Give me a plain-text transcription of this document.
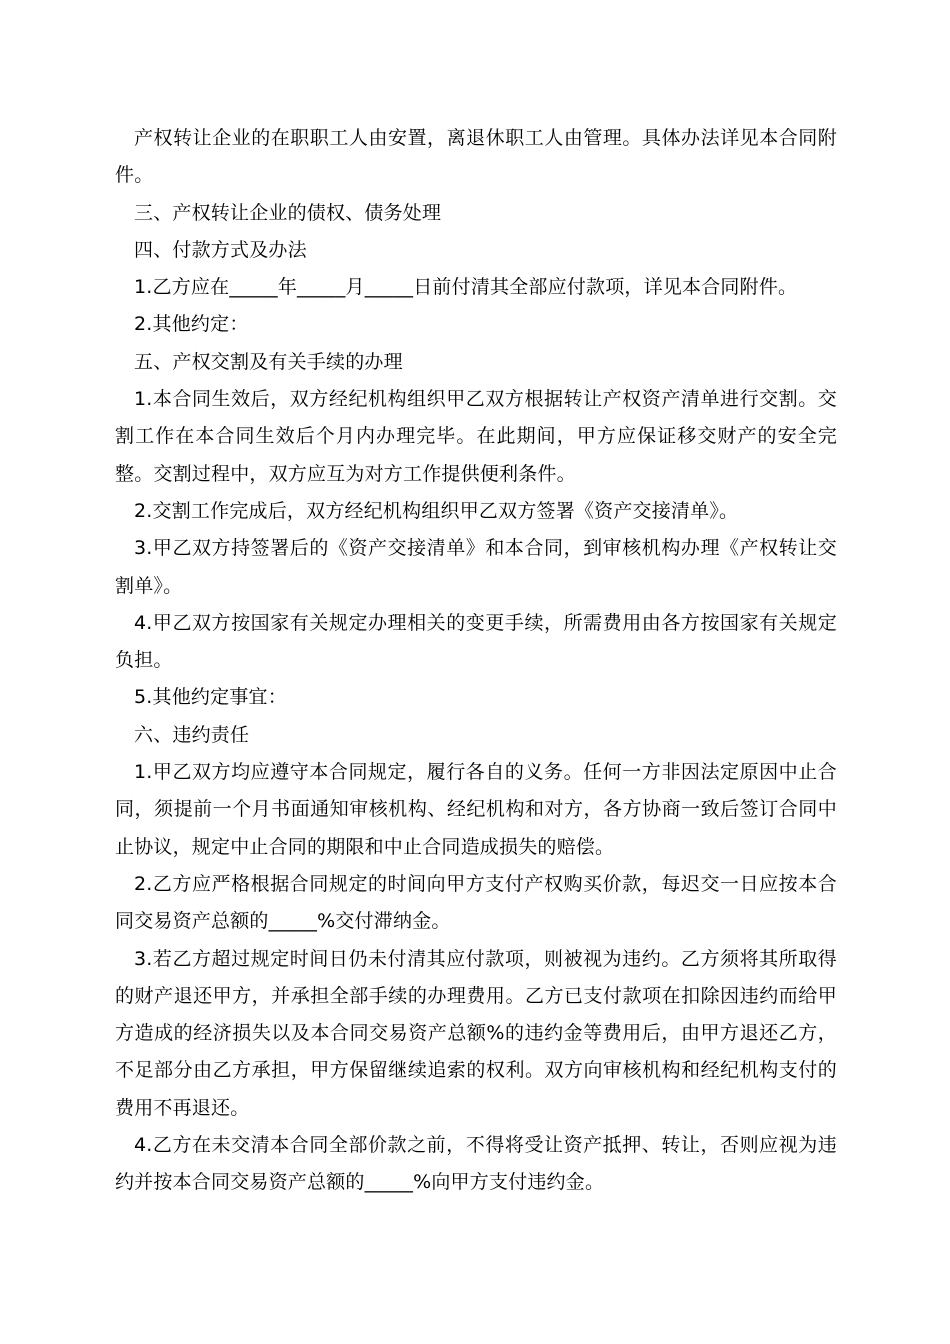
产权转让企业的在职职工人由安置，离退休职工人由管理。具体办法详见本合同附件。

三、产权转让企业的债权、债务处理

四、付款方式及办法

1.乙方应在_____年_____月_____日前付清其全部应付款项，详见本合同附件。

2.其他约定：

五、产权交割及有关手续的办理

1.本合同生效后，双方经纪机构组织甲乙双方根据转让产权资产清单进行交割。交割工作在本合同生效后个月内办理完毕。在此期间，甲方应保证移交财产的安全完整。交割过程中，双方应互为对方工作提供便利条件。

2.交割工作完成后，双方经纪机构组织甲乙双方签署《资产交接清单》。

3.甲乙双方持签署后的《资产交接清单》和本合同，到审核机构办理《产权转让交割单》。

4.甲乙双方按国家有关规定办理相关的变更手续，所需费用由各方按国家有关规定负担。

5.其他约定事宜：

六、违约责任

1.甲乙双方均应遵守本合同规定，履行各自的义务。任何一方非因法定原因中止合同，须提前一个月书面通知审核机构、经纪机构和对方，各方协商一致后签订合同中止协议，规定中止合同的期限和中止合同造成损失的赔偿。

2.乙方应严格根据合同规定的时间向甲方支付产权购买价款，每迟交一日应按本合同交易资产总额的_____%交付滞纳金。

3.若乙方超过规定时间日仍未付清其应付款项，则被视为违约。乙方须将其所取得的财产退还甲方，并承担全部手续的办理费用。乙方已支付款项在扣除因违约而给甲方造成的经济损失以及本合同交易资产总额%的违约金等费用后，由甲方退还乙方，不足部分由乙方承担，甲方保留继续追索的权利。双方向审核机构和经纪机构支付的费用不再退还。

4.乙方在未交清本合同全部价款之前，不得将受让资产抵押、转让，否则应视为违约并按本合同交易资产总额的_____%向甲方支付违约金。
